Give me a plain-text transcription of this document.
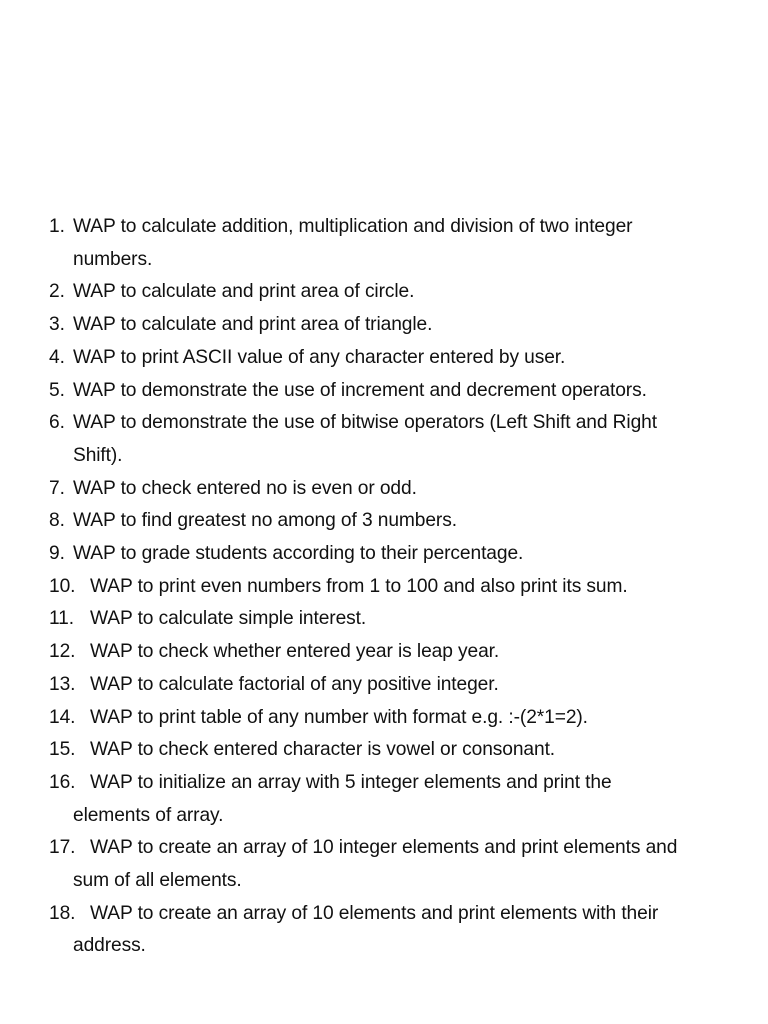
1. WAP to calculate addition, multiplication and division of two integer
numbers.
2. WAP to calculate and print area of circle.
3. WAP to calculate and print area of triangle.
4. WAP to print ASCII value of any character entered by user.
5. WAP to demonstrate the use of increment and decrement operators.
6. WAP to demonstrate the use of bitwise operators (Left Shift and Right
Shift).
7. WAP to check entered no is even or odd.
8. WAP to find greatest no among of 3 numbers.
9. WAP to grade students according to their percentage.
10. WAP to print even numbers from 1 to 100 and also print its sum.
11. WAP to calculate simple interest.
12. WAP to check whether entered year is leap year.
13. WAP to calculate factorial of any positive integer.
14. WAP to print table of any number with format e.g. :-(2*1=2).
15. WAP to check entered character is vowel or consonant.
16. WAP to initialize an array with 5 integer elements and print the
elements of array.
17. WAP to create an array of 10 integer elements and print elements and
sum of all elements.
18. WAP to create an array of 10 elements and print elements with their
address.
